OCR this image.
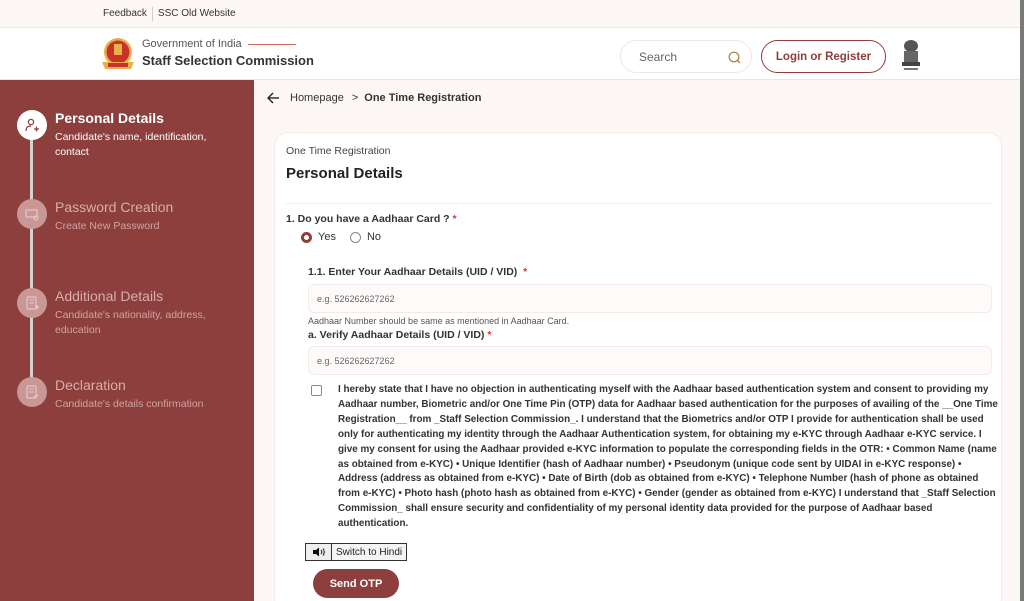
Feedback SSC Old Website
Government of India
Staff Selection Commission	Search	Login or Register
Personal Details
Candidate's name, identification, contact
Password Creation
Create New Password
Additional Details
Candidate's nationality, address, education
Declaration
Candidate's details confirmation
Homepage > One Time Registration
One Time Registration
Personal Details
1. Do you have a Aadhaar Card ? *
Yes	No
1.1. Enter Your Aadhaar Details (UID / VID) *
e.g. 526262627262
Aadhaar Number should be same as mentioned in Aadhaar Card.
a. Verify Aadhaar Details (UID / VID) *
e.g. 526262627262
I hereby state that I have no objection in authenticating myself with the Aadhaar based authentication system and consent to providing my Aadhaar number, Biometric and/or One Time Pin (OTP) data for Aadhaar based authentication for the purposes of availing of the __One Time Registration__ from _Staff Selection Commission_. I understand that the Biometrics and/or OTP I provide for authentication shall be used only for authenticating my identity through the Aadhaar Authentication system, for obtaining my e-KYC through Aadhaar e-KYC service. I give my consent for using the Aadhaar provided e-KYC information to populate the corresponding fields in the OTR: • Common Name (name as obtained from e-KYC) • Unique Identifier (hash of Aadhaar number) • Pseudonym (unique code sent by UIDAI in e-KYC response) • Address (address as obtained from e-KYC) • Date of Birth (dob as obtained from e-KYC) • Telephone Number (hash of phone as obtained from e-KYC) • Photo hash (photo hash as obtained from e-KYC) • Gender (gender as obtained from e-KYC) I understand that _Staff Selection Commission_ shall ensure security and confidentiality of my personal identity data provided for the purpose of Aadhaar based authentication.
Switch to Hindi
Send OTP
